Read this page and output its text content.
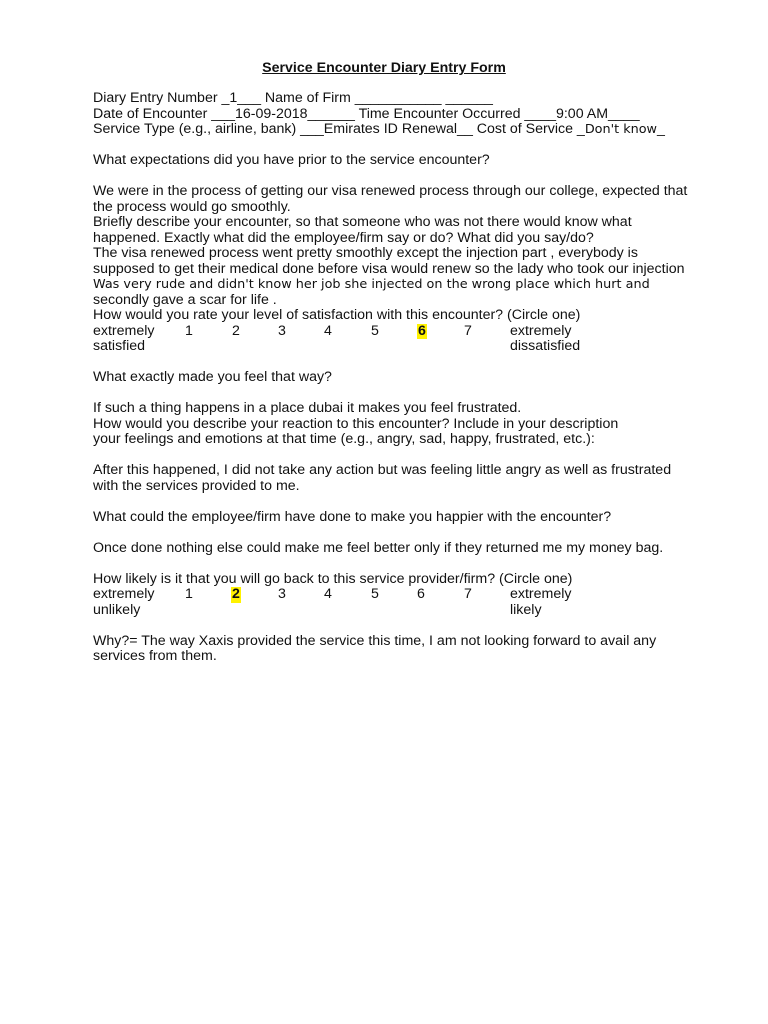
Service Encounter Diary Entry Form
Diary Entry Number _1___ Name of Firm ___________ ______
Date of Encounter ___16-09-2018______ Time Encounter Occurred ____9:00 AM____
Service Type (e.g., airline, bank) ___Emirates ID Renewal__ Cost of Service _Don't know_
What expectations did you have prior to the service encounter?
We were in the process of getting our visa renewed process through our college, expected that
the process would go smoothly.
Briefly describe your encounter, so that someone who was not there would know what
happened. Exactly what did the employee/firm say or do? What did you say/do?
The visa renewed process went pretty smoothly except the injection part , everybody is
supposed to get their medical done before visa would renew so the lady who took our injection
Was very rude and didn't know her job she injected on the wrong place which hurt and
secondly gave a scar for life .
How would you rate your level of satisfaction with this encounter? (Circle one)
extremely
satisfied
1	2	3	4	5	6	7	extremely
dissatisfied
What exactly made you feel that way?
If such a thing happens in a place dubai it makes you feel frustrated.
How would you describe your reaction to this encounter? Include in your description
your feelings and emotions at that time (e.g., angry, sad, happy, frustrated, etc.):
After this happened, I did not take any action but was feeling little angry as well as frustrated
with the services provided to me.
What could the employee/firm have done to make you happier with the encounter?
Once done nothing else could make me feel better only if they returned me my money bag.
How likely is it that you will go back to this service provider/firm? (Circle one)
extremely
unlikely
1	2	3	4	5	6	7	extremely
likely
Why?= The way Xaxis provided the service this time, I am not looking forward to avail any
services from them.
